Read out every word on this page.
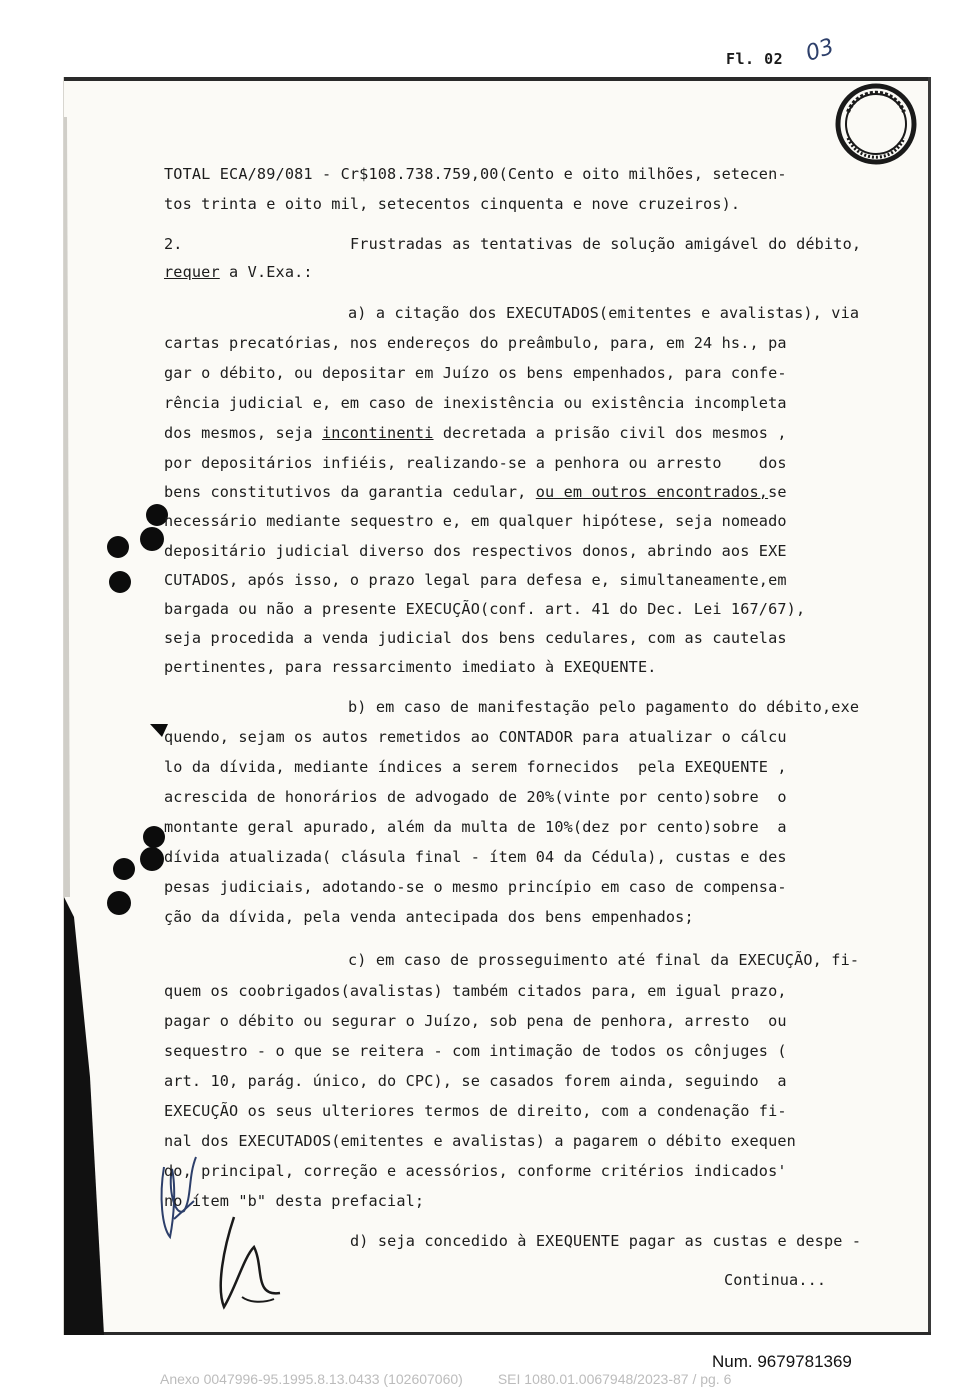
Fl. 02 03
TOTAL ECA/89/081 - Cr$108.738.759,00(Cento e oito milhões, setecen-
tos trinta e oito mil, setecentos cinquenta e nove cruzeiros).
2.	Frustradas as tentativas de solução amigável do débito,
requer a V.Exa.:
a) a citação dos EXECUTADOS(emitentes e avalistas), via
cartas precatórias, nos endereços do preâmbulo, para, em 24 hs., pa
gar o débito, ou depositar em Juízo os bens empenhados, para confe-
rência judicial e, em caso de inexistência ou existência incompleta
dos mesmos, seja incontinenti decretada a prisão civil dos mesmos ,
por depositários infiéis, realizando-se a penhora ou arresto    dos
bens constitutivos da garantia cedular, ou em outros encontrados,se
necessário mediante sequestro e, em qualquer hipótese, seja nomeado
depositário judicial diverso dos respectivos donos, abrindo aos EXE
CUTADOS, após isso, o prazo legal para defesa e, simultaneamente,em
bargada ou não a presente EXECUÇÃO(conf. art. 41 do Dec. Lei 167/67),
seja procedida a venda judicial dos bens cedulares, com as cautelas
pertinentes, para ressarcimento imediato à EXEQUENTE.
b) em caso de manifestação pelo pagamento do débito,exe
quendo, sejam os autos remetidos ao CONTADOR para atualizar o cálcu
lo da dívida, mediante índices a serem fornecidos  pela EXEQUENTE ,
acrescida de honorários de advogado de 20%(vinte por cento)sobre  o
montante geral apurado, além da multa de 10%(dez por cento)sobre  a
dívida atualizada( clásula final - ítem 04 da Cédula), custas e des
pesas judiciais, adotando-se o mesmo princípio em caso de compensa-
ção da dívida, pela venda antecipada dos bens empenhados;
c) em caso de prosseguimento até final da EXECUÇÃO, fi-
quem os coobrigados(avalistas) também citados para, em igual prazo,
pagar o débito ou segurar o Juízo, sob pena de penhora, arresto  ou
sequestro - o que se reitera - com intimação de todos os cônjuges (
art. 10, parág. único, do CPC), se casados forem ainda, seguindo  a
EXECUÇÃO os seus ulteriores termos de direito, com a condenação fi-
nal dos EXECUTADOS(emitentes e avalistas) a pagarem o débito exequen
do, principal, correção e acessórios, conforme critérios indicados'
no ítem "b" desta prefacial;
d) seja concedido à EXEQUENTE pagar as custas e despe -
Continua...
Num. 9679781369
Anexo 0047996-95.1995.8.13.0433 (102607060)         SEI 1080.01.0067948/2023-87 / pg. 6
